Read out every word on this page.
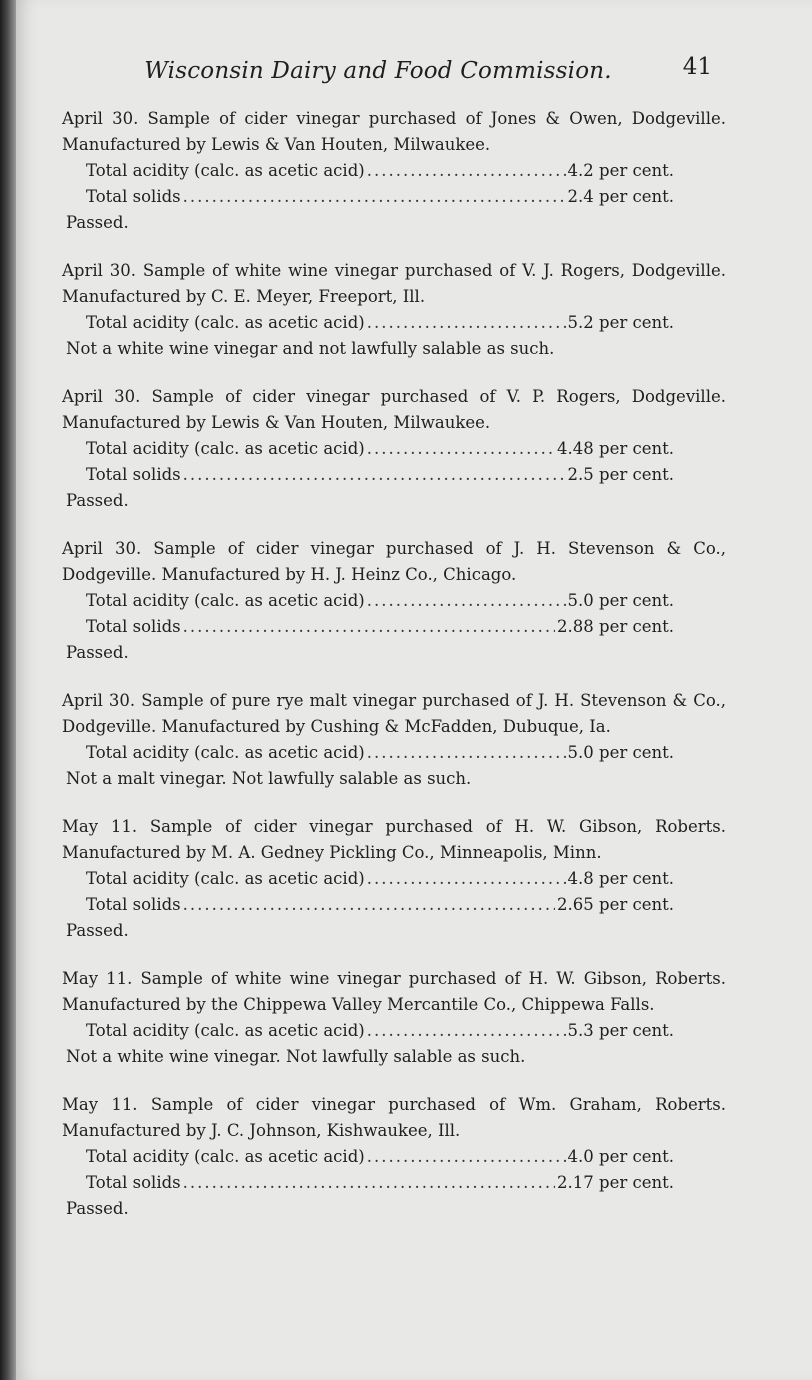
Wisconsin Dairy and Food Commission.	41

April 30. Sample of cider vinegar purchased of Jones & Owen, Dodgeville. Manufactured by Lewis & Van Houten, Milwaukee.

Total acidity (calc. as acetic acid) .....	4.2 per cent.
Total solids .....	2.4 per cent.

Passed.

April 30. Sample of white wine vinegar purchased of V. J. Rogers, Dodgeville. Manufactured by C. E. Meyer, Freeport, Ill.

Total acidity (calc. as acetic acid) .....	5.2 per cent.

Not a white wine vinegar and not lawfully salable as such.

April 30. Sample of cider vinegar purchased of V. P. Rogers, Dodgeville. Manufactured by Lewis & Van Houten, Milwaukee.

Total acidity (calc. as acetic acid) .....	4.48 per cent.
Total solids .....	2.5 per cent.

Passed.

April 30. Sample of cider vinegar purchased of J. H. Stevenson & Co., Dodgeville. Manufactured by H. J. Heinz Co., Chicago.

Total acidity (calc. as acetic acid) .....	5.0 per cent.
Total solids .....	2.88 per cent.

Passed.

April 30. Sample of pure rye malt vinegar purchased of J. H. Stevenson & Co., Dodgeville. Manufactured by Cushing & McFadden, Dubuque, Ia.

Total acidity (calc. as acetic acid) .....	5.0 per cent.

Not a malt vinegar. Not lawfully salable as such.

May 11. Sample of cider vinegar purchased of H. W. Gibson, Roberts. Manufactured by M. A. Gedney Pickling Co., Minneapolis, Minn.

Total acidity (calc. as acetic acid) .....	4.8 per cent.
Total solids .....	2.65 per cent.

Passed.

May 11. Sample of white wine vinegar purchased of H. W. Gibson, Roberts. Manufactured by the Chippewa Valley Mercantile Co., Chippewa Falls.

Total acidity (calc. as acetic acid) .....	5.3 per cent.

Not a white wine vinegar. Not lawfully salable as such.

May 11. Sample of cider vinegar purchased of Wm. Graham, Roberts. Manufactured by J. C. Johnson, Kishwaukee, Ill.

Total acidity (calc. as acetic acid) .....	4.0 per cent.
Total solids .....	2.17 per cent.

Passed.
